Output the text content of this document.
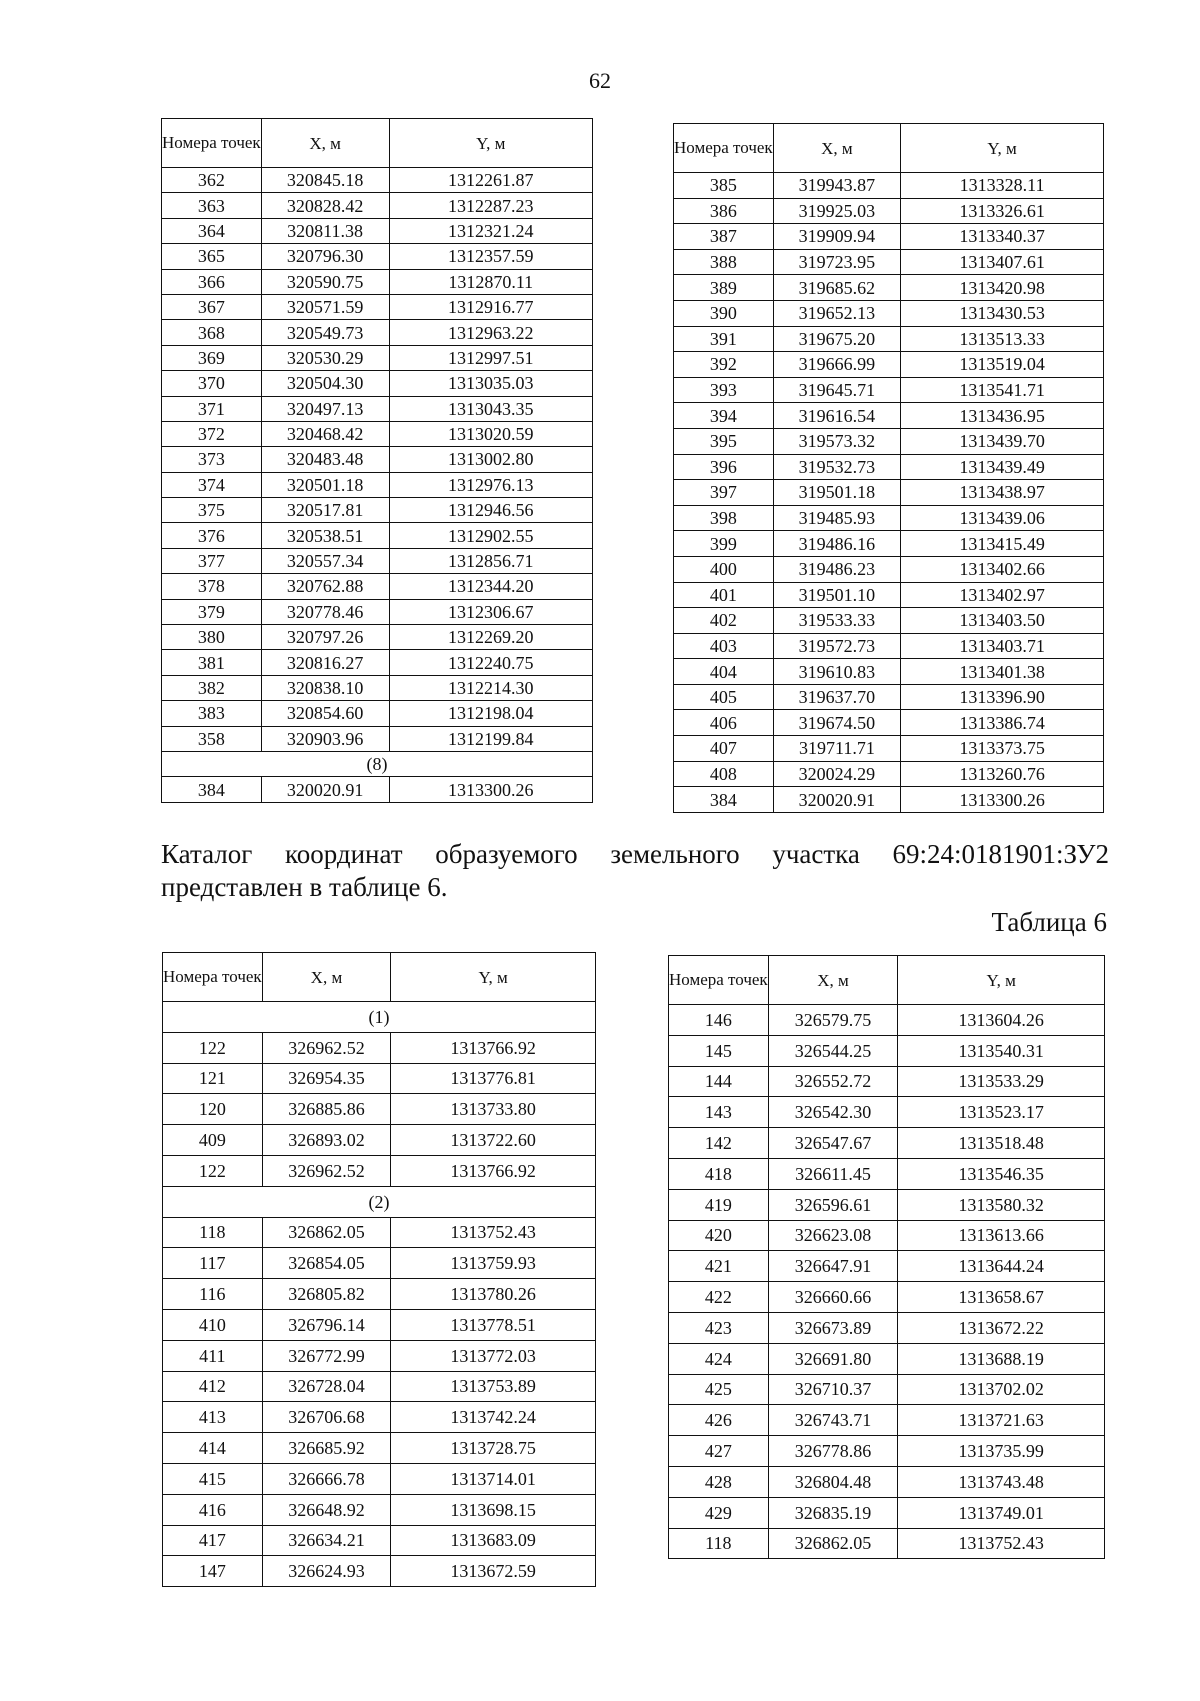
62
Номера точек	X, м	Y, м
362	320845.18	1312261.87
363	320828.42	1312287.23
364	320811.38	1312321.24
365	320796.30	1312357.59
366	320590.75	1312870.11
367	320571.59	1312916.77
368	320549.73	1312963.22
369	320530.29	1312997.51
370	320504.30	1313035.03
371	320497.13	1313043.35
372	320468.42	1313020.59
373	320483.48	1313002.80
374	320501.18	1312976.13
375	320517.81	1312946.56
376	320538.51	1312902.55
377	320557.34	1312856.71
378	320762.88	1312344.20
379	320778.46	1312306.67
380	320797.26	1312269.20
381	320816.27	1312240.75
382	320838.10	1312214.30
383	320854.60	1312198.04
358	320903.96	1312199.84
(8)		
384	320020.91	1313300.26
Номера точек	X, м	Y, м
385	319943.87	1313328.11
386	319925.03	1313326.61
387	319909.94	1313340.37
388	319723.95	1313407.61
389	319685.62	1313420.98
390	319652.13	1313430.53
391	319675.20	1313513.33
392	319666.99	1313519.04
393	319645.71	1313541.71
394	319616.54	1313436.95
395	319573.32	1313439.70
396	319532.73	1313439.49
397	319501.18	1313438.97
398	319485.93	1313439.06
399	319486.16	1313415.49
400	319486.23	1313402.66
401	319501.10	1313402.97
402	319533.33	1313403.50
403	319572.73	1313403.71
404	319610.83	1313401.38
405	319637.70	1313396.90
406	319674.50	1313386.74
407	319711.71	1313373.75
408	320024.29	1313260.76
384	320020.91	1313300.26
Каталог координат образуемого земельного участка 69:24:0181901:ЗУ2 представлен в таблице 6.
Таблица 6
Номера точек	X, м	Y, м
(1)		
122	326962.52	1313766.92
121	326954.35	1313776.81
120	326885.86	1313733.80
409	326893.02	1313722.60
122	326962.52	1313766.92
(2)		
118	326862.05	1313752.43
117	326854.05	1313759.93
116	326805.82	1313780.26
410	326796.14	1313778.51
411	326772.99	1313772.03
412	326728.04	1313753.89
413	326706.68	1313742.24
414	326685.92	1313728.75
415	326666.78	1313714.01
416	326648.92	1313698.15
417	326634.21	1313683.09
147	326624.93	1313672.59
Номера точек	X, м	Y, м
146	326579.75	1313604.26
145	326544.25	1313540.31
144	326552.72	1313533.29
143	326542.30	1313523.17
142	326547.67	1313518.48
418	326611.45	1313546.35
419	326596.61	1313580.32
420	326623.08	1313613.66
421	326647.91	1313644.24
422	326660.66	1313658.67
423	326673.89	1313672.22
424	326691.80	1313688.19
425	326710.37	1313702.02
426	326743.71	1313721.63
427	326778.86	1313735.99
428	326804.48	1313743.48
429	326835.19	1313749.01
118	326862.05	1313752.43
